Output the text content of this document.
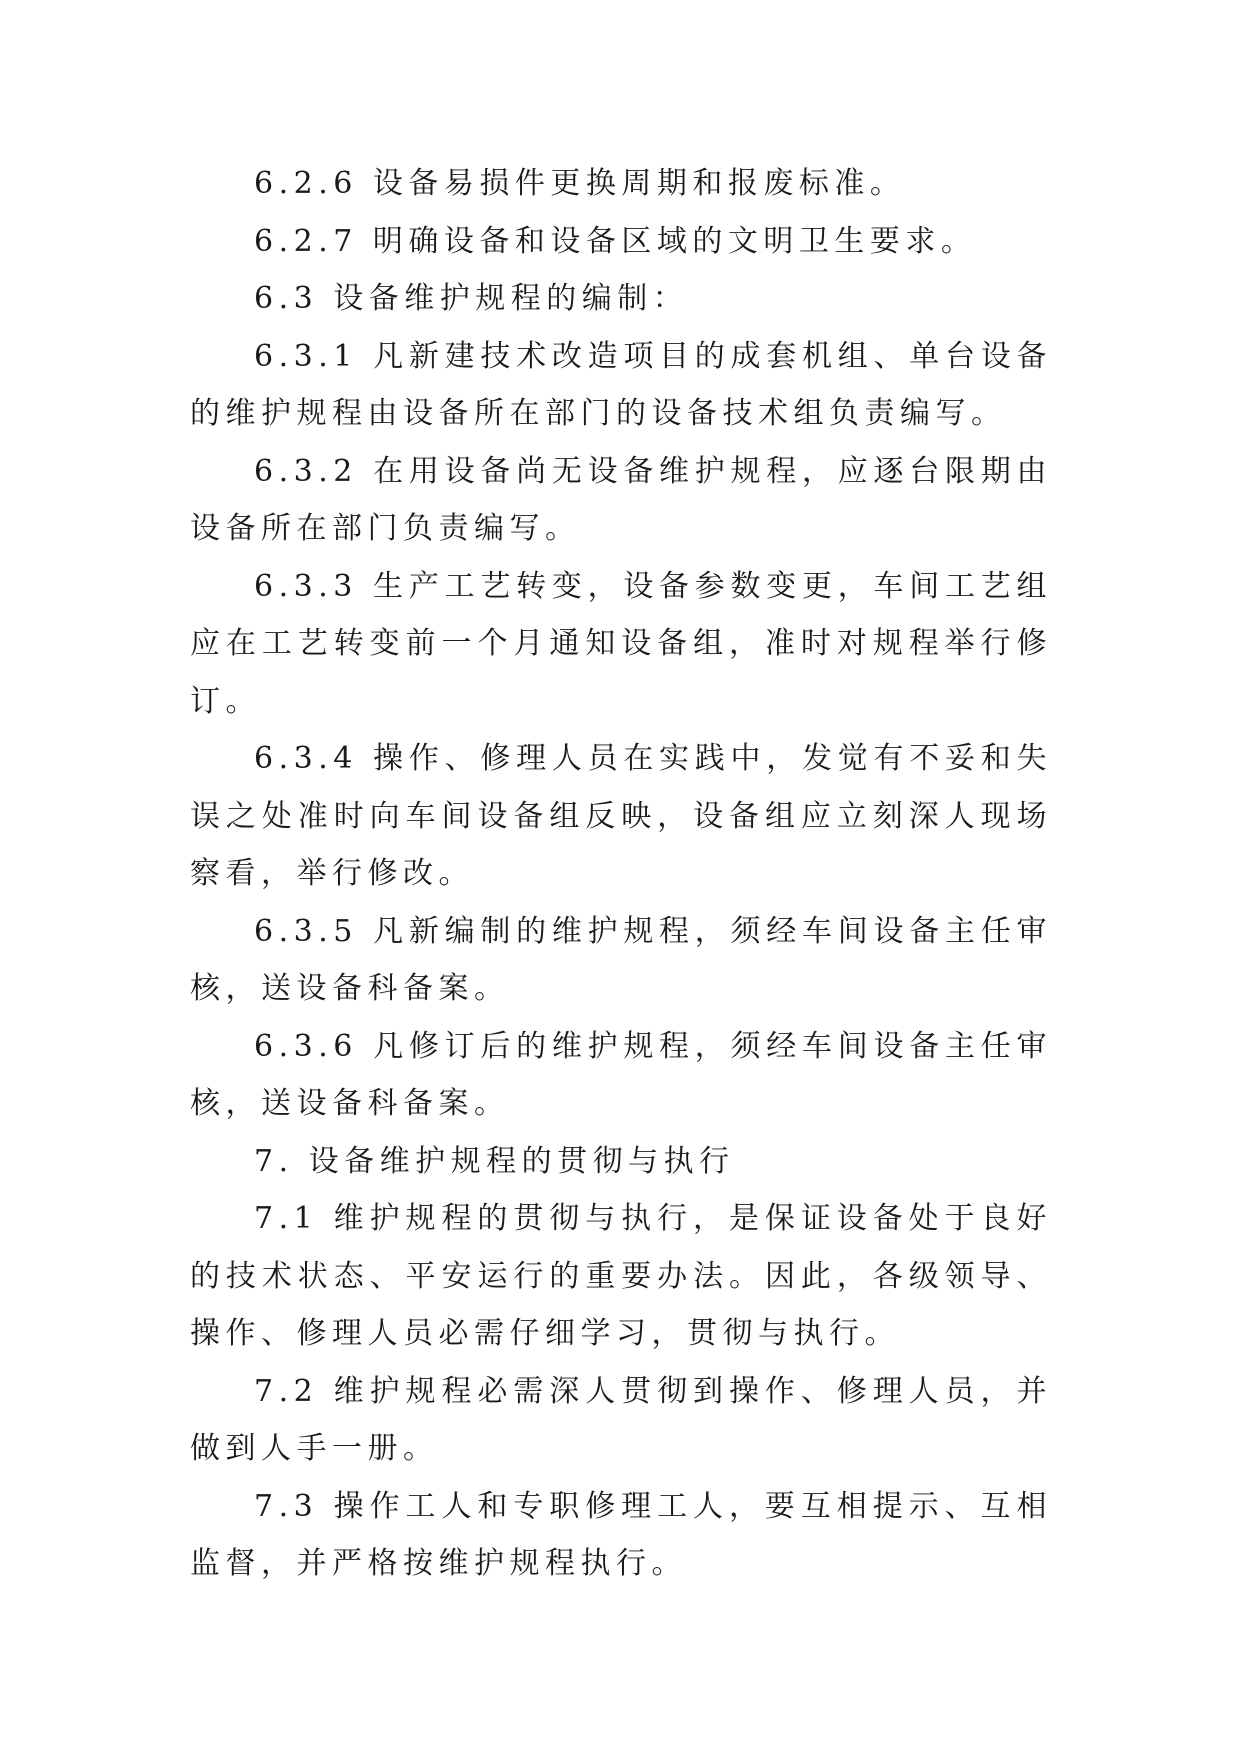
6.2.6 设备易损件更换周期和报废标准。

6.2.7 明确设备和设备区域的文明卫生要求。

6.3 设备维护规程的编制：

6.3.1 凡新建技术改造项目的成套机组、单台设备的维护规程由设备所在部门的设备技术组负责编写。

6.3.2 在用设备尚无设备维护规程，应逐台限期由设备所在部门负责编写。

6.3.3 生产工艺转变，设备参数变更，车间工艺组应在工艺转变前一个月通知设备组，准时对规程举行修订。

6.3.4 操作、修理人员在实践中，发觉有不妥和失误之处准时向车间设备组反映，设备组应立刻深人现场察看，举行修改。

6.3.5 凡新编制的维护规程，须经车间设备主任审核，送设备科备案。

6.3.6 凡修订后的维护规程，须经车间设备主任审核，送设备科备案。

7. 设备维护规程的贯彻与执行

7.1 维护规程的贯彻与执行，是保证设备处于良好的技术状态、平安运行的重要办法。因此，各级领导、操作、修理人员必需仔细学习，贯彻与执行。

7.2 维护规程必需深人贯彻到操作、修理人员，并做到人手一册。

7.3 操作工人和专职修理工人，要互相提示、互相监督，并严格按维护规程执行。
